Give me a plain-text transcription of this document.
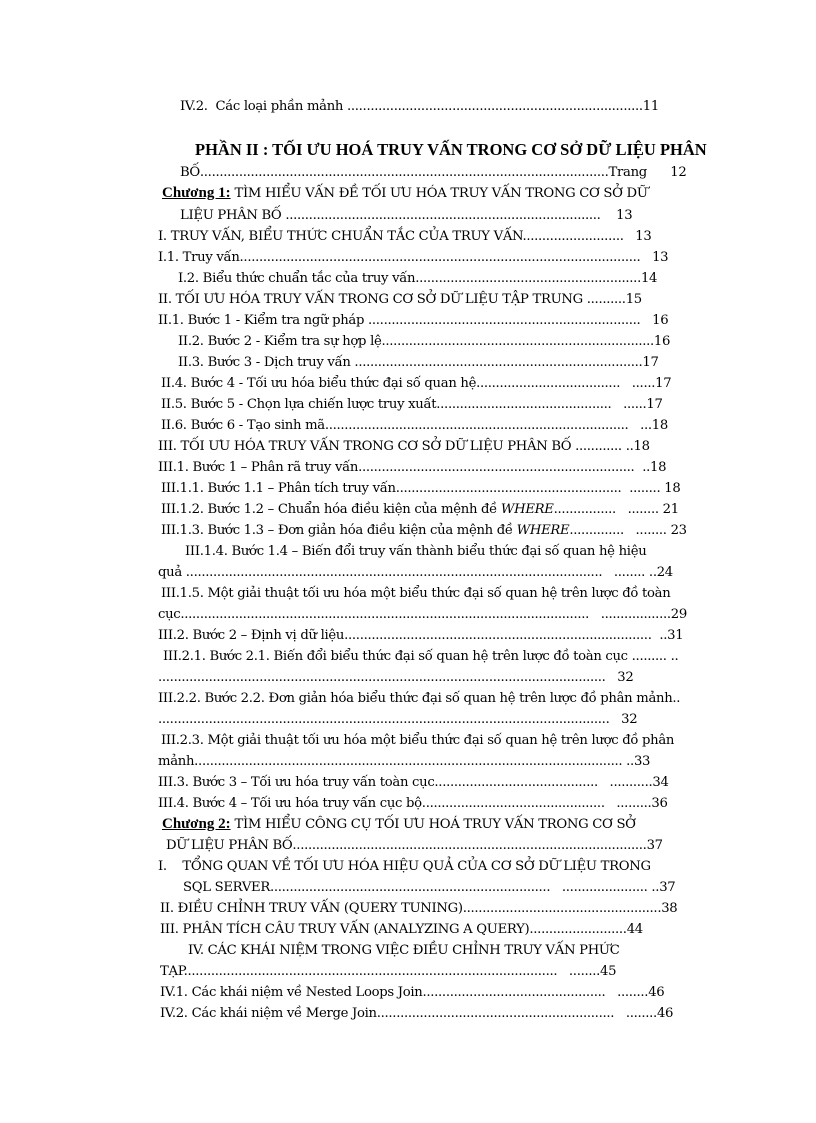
IV.2.  Các loại phần mảnh ............................................................................11
PHẦN II : TỐI ƯU HOÁ TRUY VẤN TRONG CƠ SỞ DỮ LIỆU PHÂN
BỐ.........................................................................................................Trang      12
Chương 1: TÌM HIỂU VẤN ĐỀ TỐI ƯU HÓA TRUY VẤN TRONG CƠ SỞ DỮ
LIỆU PHÂN BỐ .................................................................................    13
I. TRUY VẤN, BIỂU THỨC CHUẨN TẮC CỦA TRUY VẤN..........................   13
I.1. Truy vấn.......................................................................................................   13
I.2. Biểu thức chuẩn tắc của truy vấn..........................................................14
II. TỐI ƯU HÓA TRUY VẤN TRONG CƠ SỞ DỮ LIỆU TẬP TRUNG ..........15
II.1. Bước 1 - Kiểm tra ngữ pháp ......................................................................   16
II.2. Bước 2 - Kiểm tra sự hợp lệ......................................................................16
II.3. Bước 3 - Dịch truy vấn ..........................................................................17
II.4. Bước 4 - Tối ưu hóa biểu thức đại số quan hệ.....................................   ......17
II.5. Bước 5 - Chọn lựa chiến lược truy xuất.............................................   ......17
II.6. Bước 6 - Tạo sinh mã..............................................................................   ...18
III. TỐI ƯU HÓA TRUY VẤN TRONG CƠ SỞ DỮ LIỆU PHÂN BỐ ............ ..18
III.1. Bước 1 – Phân rã truy vấn.......................................................................  ..18
III.1.1. Bước 1.1 – Phân tích truy vấn..........................................................  ........ 18
III.1.2. Bước 1.2 – Chuẩn hóa điều kiện của mệnh đề WHERE................   ........ 21
III.1.3. Bước 1.3 – Đơn giản hóa điều kiện của mệnh đề WHERE..............   ........ 23
III.1.4. Bước 1.4 – Biến đổi truy vấn thành biểu thức đại số quan hệ hiệu
quả ...........................................................................................................   ........ ..24
III.1.5. Một giải thuật tối ưu hóa một biểu thức đại số quan hệ trên lược đồ toàn
cục.........................................................................................................   ..................29
III.2. Bước 2 – Định vị dữ liệu...............................................................................  ..31
III.2.1. Bước 2.1. Biến đổi biểu thức đại số quan hệ trên lược đồ toàn cục ......... ..
...................................................................................................................   32
III.2.2. Bước 2.2. Đơn giản hóa biểu thức đại số quan hệ trên lược đồ phân mảnh..
....................................................................................................................   32
III.2.3. Một giải thuật tối ưu hóa một biểu thức đại số quan hệ trên lược đồ phân
mảnh.............................................................................................................. ..33
III.3. Bước 3 – Tối ưu hóa truy vấn toàn cục..........................................   ...........34
III.4. Bước 4 – Tối ưu hóa truy vấn cục bộ...............................................   .........36
Chương 2: TÌM HIỂU CÔNG CỤ TỐI ƯU HOÁ TRUY VẤN TRONG CƠ SỞ
DỮ LIỆU PHÂN BỐ...........................................................................................37
I.    TỔNG QUAN VỀ TỐI ƯU HÓA HIỆU QUẢ CỦA CƠ SỞ DỮ LIỆU TRONG
SQL SERVER........................................................................   ...................... ..37
II. ĐIỀU CHỈNH TRUY VẤN (QUERY TUNING)...................................................38
III. PHÂN TÍCH CÂU TRUY VẤN (ANALYZING A QUERY).........................44
IV. CÁC KHÁI NIỆM TRONG VIỆC ĐIỀU CHỈNH TRUY VẤN PHỨC
TẠP................................................................................................   ........45
IV.1. Các khái niệm về Nested Loops Join...............................................   ........46
IV.2. Các khái niệm về Merge Join.............................................................   ........46
